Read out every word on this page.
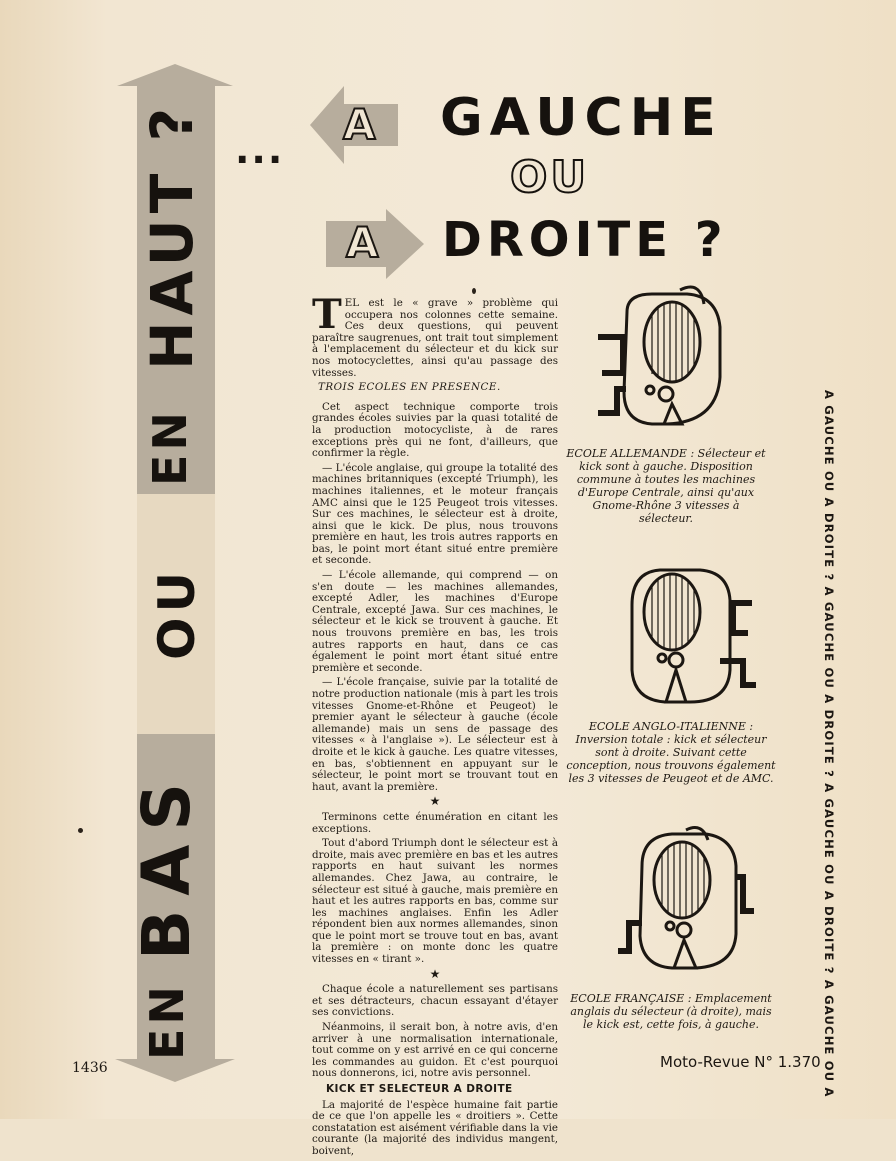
HAUT ?
EN
OU
BAS
EN
...
A
A
GAUCHE
OU
DROITE ?

TEL est le « grave » problème qui occupera nos colonnes cette semaine. Ces deux questions, qui peuvent paraître saugrenues, ont trait tout simplement à l'emplacement du sélecteur et du kick sur nos motocyclettes, ainsi qu'au passage des vitesses.

TROIS ECOLES EN PRESENCE.

Cet aspect technique comporte trois grandes écoles suivies par la quasi totalité de la production motocycliste, à de rares exceptions près qui ne font, d'ailleurs, que confirmer la règle.

— L'école anglaise, qui groupe la totalité des machines britanniques (excepté Triumph), les machines italiennes, et le moteur français AMC ainsi que le 125 Peugeot trois vitesses. Sur ces machines, le sélecteur est à droite, ainsi que le kick. De plus, nous trouvons première en haut, les trois autres rapports en bas, le point mort étant situé entre première et seconde.

— L'école allemande, qui comprend — on s'en doute — les machines allemandes, excepté Adler, les machines d'Europe Centrale, excepté Jawa. Sur ces machines, le sélecteur et le kick se trouvent à gauche. Et nous trouvons première en bas, les trois autres rapports en haut, dans ce cas également le point mort étant situé entre première et seconde.

— L'école française, suivie par la totalité de notre production nationale (mis à part les trois vitesses Gnome-et-Rhône et Peugeot) le premier ayant le sélecteur à gauche (école allemande) mais un sens de passage des vitesses « à l'anglaise »). Le sélecteur est à droite et le kick à gauche. Les quatre vitesses, en bas, s'obtiennent en appuyant sur le sélecteur, le point mort se trouvant tout en haut, avant la première.

★

Terminons cette énumération en citant les exceptions.

Tout d'abord Triumph dont le sélecteur est à droite, mais avec première en bas et les autres rapports en haut suivant les normes allemandes. Chez Jawa, au contraire, le sélecteur est situé à gauche, mais première en haut et les autres rapports en bas, comme sur les machines anglaises. Enfin les Adler répondent bien aux normes allemandes, sinon que le point mort se trouve tout en bas, avant la première : on monte donc les quatre vitesses en « tirant ».

★

Chaque école a naturellement ses partisans et ses détracteurs, chacun essayant d'étayer ses convictions.

Néanmoins, il serait bon, à notre avis, d'en arriver à une normalisation internationale, tout comme on y est arrivé en ce qui concerne les commandes au guidon. Et c'est pourquoi nous donnerons, ici, notre avis personnel.

KICK ET SELECTEUR A DROITE

La majorité de l'espèce humaine fait partie de ce que l'on appelle les « droitiers ». Cette constatation est aisément vérifiable dans la vie courante (la majorité des individus mangent, boivent,

ECOLE ALLEMANDE : Sélecteur et kick sont à gauche. Disposition commune à toutes les machines d'Europe Centrale, ainsi qu'aux Gnome-Rhône 3 vitesses à sélecteur.
ECOLE ANGLO-ITALIENNE : Inversion totale : kick et sélecteur sont à droite. Suivant cette conception, nous trouvons également les 3 vitesses de Peugeot et de AMC.
ECOLE FRANÇAISE : Emplacement anglais du sélecteur (à droite), mais le kick est, cette fois, à gauche.	A GAUCHE OU A DROITE ? A GAUCHE OU A DROITE ? A GAUCHE OU A DROITE ? A GAUCHE OU A
1436	Moto-Revue N° 1.370
